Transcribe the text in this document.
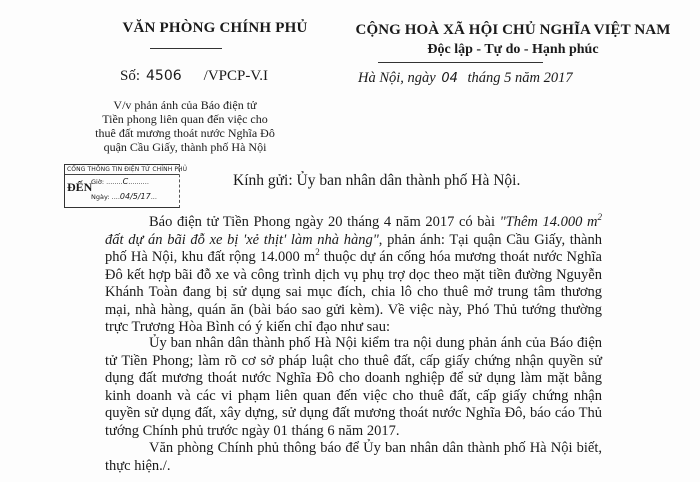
VĂN PHÒNG CHÍNH PHỦ
Số: 4506 /VPCP-V.I
V/v phản ánh của Báo điện tử
Tiền phong liên quan đến việc cho
thuê đất mương thoát nước Nghĩa Đô
quận Cầu Giấy, thành phố Hà Nội
CỘNG HOÀ XÃ HỘI CHỦ NGHĨA VIỆT NAM
Độc lập - Tự do - Hạnh phúc
Hà Nội, ngày 04 tháng 5 năm 2017
CỔNG THÔNG TIN ĐIỆN TỬ CHÍNH PHỦ
ĐẾN
Giờ: ........C..........
Ngày: ....04/5/17...
Kính gửi: Ủy ban nhân dân thành phố Hà Nội.
Báo điện tử Tiền Phong ngày 20 tháng 4 năm 2017 có bài "Thêm 14.000 $m^2$ đất dự án bãi đỗ xe bị 'xẻ thịt' làm nhà hàng", phản ánh: Tại quận Cầu Giấy, thành phố Hà Nội, khu đất rộng 14.000 $m^2$ thuộc dự án cống hóa mương thoát nước Nghĩa Đô kết hợp bãi đỗ xe và công trình dịch vụ phụ trợ dọc theo mặt tiền đường Nguyễn Khánh Toàn đang bị sử dụng sai mục đích, chia lô cho thuê mở trung tâm thương mại, nhà hàng, quán ăn (bài báo sao gửi kèm). Về việc này, Phó Thủ tướng thường trực Trương Hòa Bình có ý kiến chỉ đạo như sau:
Ủy ban nhân dân thành phố Hà Nội kiểm tra nội dung phản ánh của Báo điện tử Tiền Phong; làm rõ cơ sở pháp luật cho thuê đất, cấp giấy chứng nhận quyền sử dụng đất mương thoát nước Nghĩa Đô cho doanh nghiệp để sử dụng làm mặt bằng kinh doanh và các vi phạm liên quan đến việc cho thuê đất, cấp giấy chứng nhận quyền sử dụng đất, xây dựng, sử dụng đất mương thoát nước Nghĩa Đô, báo cáo Thủ tướng Chính phủ trước ngày 01 tháng 6 năm 2017.
Văn phòng Chính phủ thông báo để Ủy ban nhân dân thành phố Hà Nội biết, thực hiện./.
